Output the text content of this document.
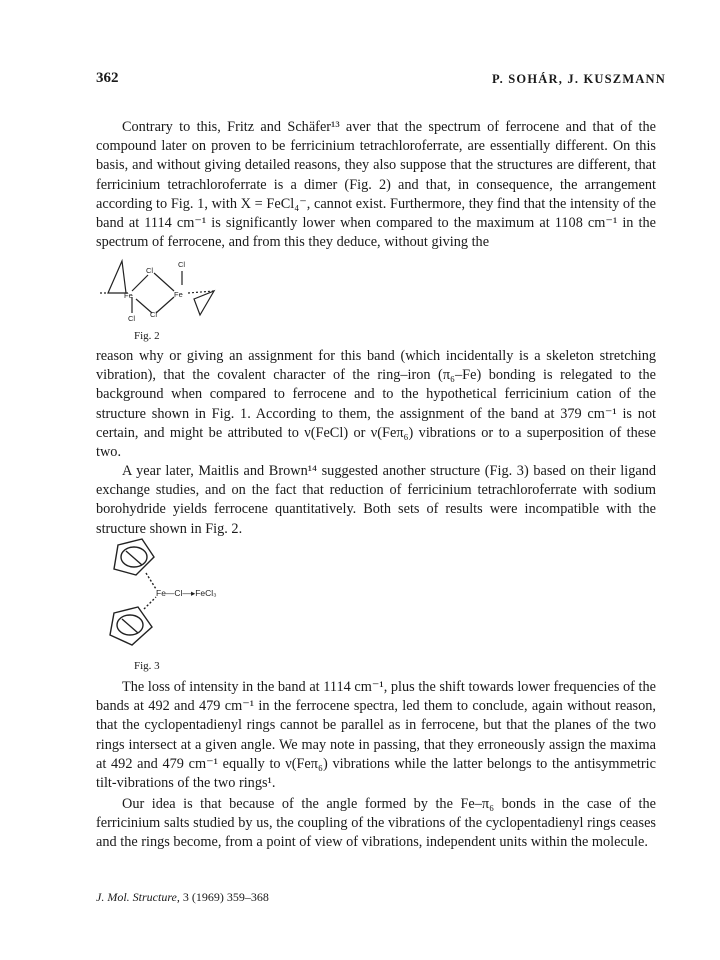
362	P. SOHÁR, J. KUSZMANN

Contrary to this, Fritz and Schäfer¹³ aver that the spectrum of ferrocene and that of the compound later on proven to be ferricinium tetrachloroferrate, are essentially different. On this basis, and without giving detailed reasons, they also suppose that the structures are different, that ferricinium tetrachloroferrate is a dimer (Fig. 2) and that, in consequence, the arrangement according to Fig. 1, with X = FeCl₄⁻, cannot exist. Furthermore, they find that the intensity of the band at 1114 cm⁻¹ is significantly lower when compared to the maximum at 1108 cm⁻¹ in the spectrum of ferrocene, and from this they deduce, without giving the

Fe	Fe
Cl
Cl
Cl Cl
Fig. 2

reason why or giving an assignment for this band (which incidentally is a skeleton stretching vibration), that the covalent character of the ring–iron (π₆–Fe) bonding is relegated to the background when compared to ferrocene and to the hypothetical ferricinium cation of the structure shown in Fig. 1. According to them, the assignment of the band at 379 cm⁻¹ is not certain, and might be attributed to ν(FeCl) or ν(Feπ₆) vibrations or to a superposition of these two.

A year later, Maitlis and Brown¹⁴ suggested another structure (Fig. 3) based on their ligand exchange studies, and on the fact that reduction of ferricinium tetrachloroferrate with sodium borohydride yields ferrocene quantitatively. Both sets of results were incompatible with the structure shown in Fig. 2.

Fe—Cl—▸FeCl₃
Fig. 3

The loss of intensity in the band at 1114 cm⁻¹, plus the shift towards lower frequencies of the bands at 492 and 479 cm⁻¹ in the ferrocene spectra, led them to conclude, again without reason, that the cyclopentadienyl rings cannot be parallel as in ferrocene, but that the planes of the two rings intersect at a given angle. We may note in passing, that they erroneously assign the maxima at 492 and 479 cm⁻¹ equally to ν(Feπ₆) vibrations while the latter belongs to the antisymmetric tilt-vibrations of the two rings¹.

Our idea is that because of the angle formed by the Fe–π₆ bonds in the case of the ferricinium salts studied by us, the coupling of the vibrations of the cyclopentadienyl rings ceases and the rings become, from a point of view of vibrations, independent units within the molecule.

J. Mol. Structure, 3 (1969) 359–368
